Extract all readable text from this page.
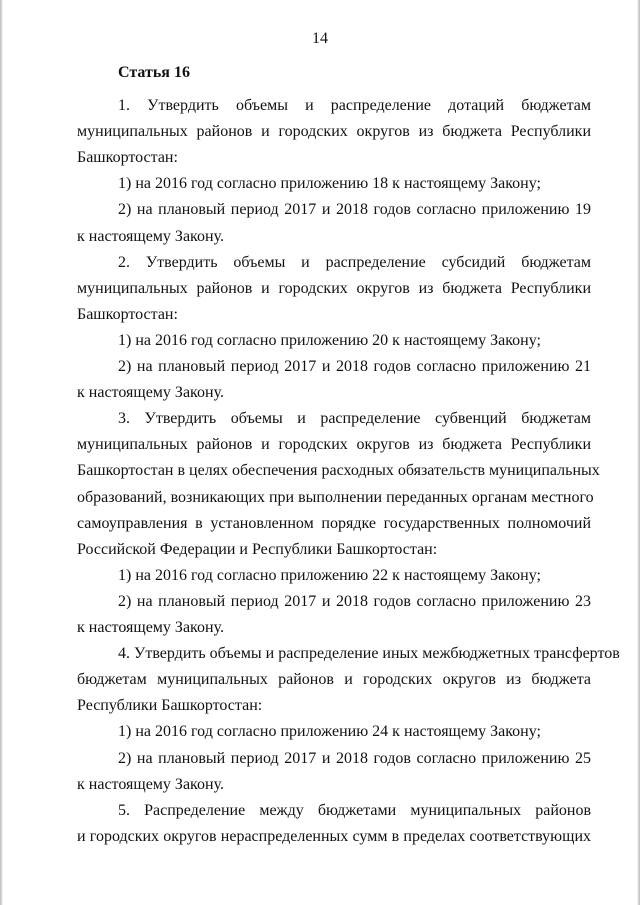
14
Статья 16
1. Утвердить объемы и распределение дотаций бюджетам
муниципальных районов и городских округов из бюджета Республики
Башкортостан:
1) на 2016 год согласно приложению 18 к настоящему Закону;
2) на плановый период 2017 и 2018 годов согласно приложению 19
к настоящему Закону.
2. Утвердить объемы и распределение субсидий бюджетам
муниципальных районов и городских округов из бюджета Республики
Башкортостан:
1) на 2016 год согласно приложению 20 к настоящему Закону;
2) на плановый период 2017 и 2018 годов согласно приложению 21
к настоящему Закону.
3. Утвердить объемы и распределение субвенций бюджетам
муниципальных районов и городских округов из бюджета Республики
Башкортостан в целях обеспечения расходных обязательств муниципальных
образований, возникающих при выполнении переданных органам местного
самоуправления в установленном порядке государственных полномочий
Российской Федерации и Республики Башкортостан:
1) на 2016 год согласно приложению 22 к настоящему Закону;
2) на плановый период 2017 и 2018 годов согласно приложению 23
к настоящему Закону.
4. Утвердить объемы и распределение иных межбюджетных трансфертов
бюджетам муниципальных районов и городских округов из бюджета
Республики Башкортостан:
1) на 2016 год согласно приложению 24 к настоящему Закону;
2) на плановый период 2017 и 2018 годов согласно приложению 25
к настоящему Закону.
5. Распределение между бюджетами муниципальных районов
и городских округов нераспределенных сумм в пределах соответствующих
